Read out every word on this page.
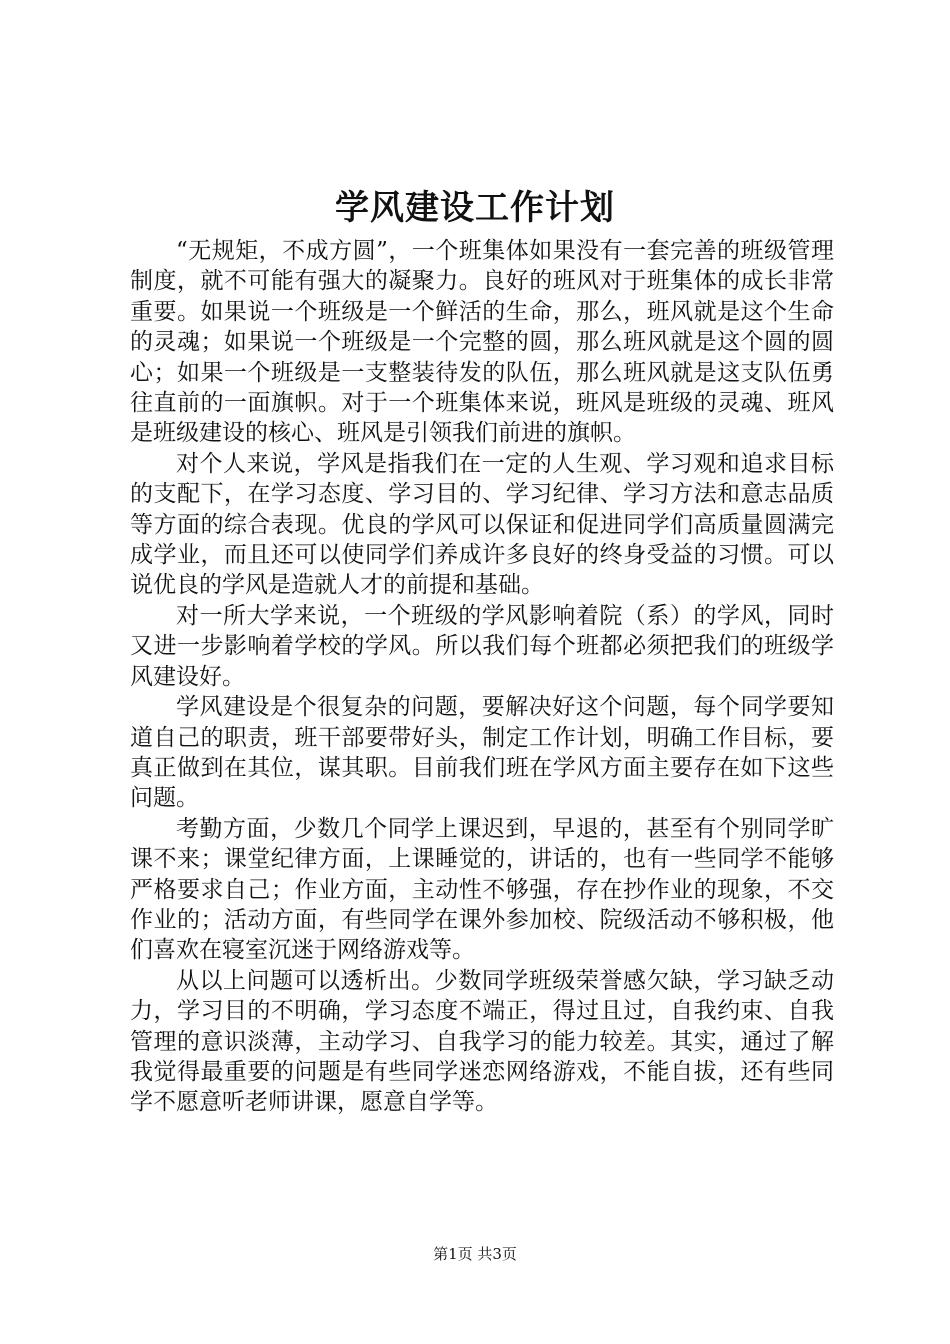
学风建设工作计划

“无规矩，不成方圆”，一个班集体如果没有一套完善的班级管理制度，就不可能有强大的凝聚力。良好的班风对于班集体的成长非常重要。如果说一个班级是一个鲜活的生命，那么，班风就是这个生命的灵魂；如果说一个班级是一个完整的圆，那么班风就是这个圆的圆心；如果一个班级是一支整装待发的队伍，那么班风就是这支队伍勇往直前的一面旗帜。对于一个班集体来说，班风是班级的灵魂、班风是班级建设的核心、班风是引领我们前进的旗帜。

对个人来说，学风是指我们在一定的人生观、学习观和追求目标的支配下，在学习态度、学习目的、学习纪律、学习方法和意志品质等方面的综合表现。优良的学风可以保证和促进同学们高质量圆满完成学业，而且还可以使同学们养成许多良好的终身受益的习惯。可以说优良的学风是造就人才的前提和基础。

对一所大学来说，一个班级的学风影响着院（系）的学风，同时又进一步影响着学校的学风。所以我们每个班都必须把我们的班级学风建设好。

学风建设是个很复杂的问题，要解决好这个问题，每个同学要知道自己的职责，班干部要带好头，制定工作计划，明确工作目标，要真正做到在其位，谋其职。目前我们班在学风方面主要存在如下这些问题。

考勤方面，少数几个同学上课迟到，早退的，甚至有个别同学旷课不来；课堂纪律方面，上课睡觉的，讲话的，也有一些同学不能够严格要求自己；作业方面，主动性不够强，存在抄作业的现象，不交作业的；活动方面，有些同学在课外参加校、院级活动不够积极，他们喜欢在寝室沉迷于网络游戏等。

从以上问题可以透析出。少数同学班级荣誉感欠缺，学习缺乏动力，学习目的不明确，学习态度不端正，得过且过，自我约束、自我管理的意识淡薄，主动学习、自我学习的能力较差。其实，通过了解我觉得最重要的问题是有些同学迷恋网络游戏，不能自拔，还有些同学不愿意听老师讲课，愿意自学等。

第1页 共3页
